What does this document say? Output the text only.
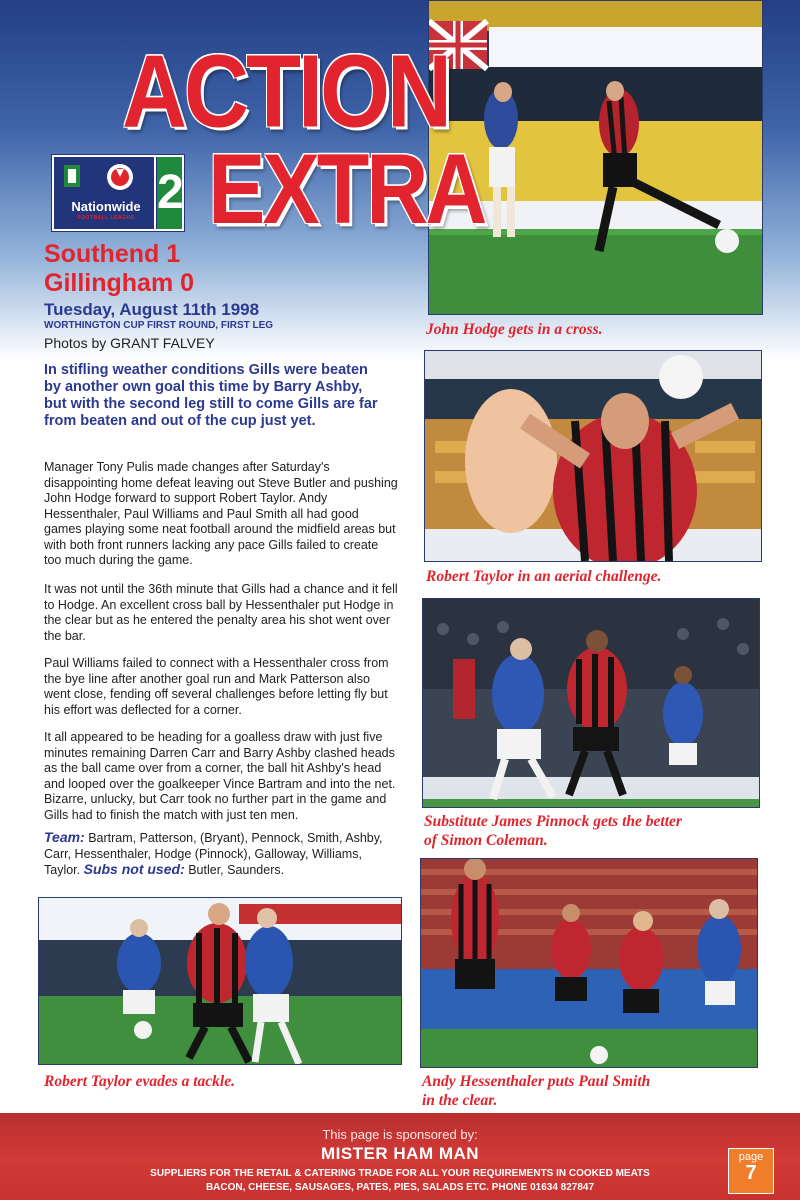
John Hodge gets in a cross.
Robert Taylor in an aerial challenge.
Substitute James Pinnock gets the better
of Simon Coleman.
Robert Taylor evades a tackle.	Andy Hessenthaler puts Paul Smith
in the clear.
ACTION
EXTRA
Nationwide
FOOTBALL LEAGUE 2
Southend 1
Gillingham 0
Tuesday, August 11th 1998
WORTHINGTON CUP FIRST ROUND, FIRST LEG
Photos by GRANT FALVEY
In stifling weather conditions Gills were beaten by another own goal this time by Barry Ashby, but with the second leg still to come Gills are far from beaten and out of the cup just yet.
Manager Tony Pulis made changes after Saturday's disappointing home defeat leaving out Steve Butler and pushing John Hodge forward to support Robert Taylor. Andy Hessenthaler, Paul Williams and Paul Smith all had good games playing some neat football around the midfield areas but with both front runners lacking any pace Gills failed to create too much during the game.
It was not until the 36th minute that Gills had a chance and it fell to Hodge. An excellent cross ball by Hessenthaler put Hodge in the clear but as he entered the penalty area his shot went over the bar.
Paul Williams failed to connect with a Hessenthaler cross from the bye line after another goal run and Mark Patterson also went close, fending off several challenges before letting fly but his effort was deflected for a corner.
It all appeared to be heading for a goalless draw with just five minutes remaining Darren Carr and Barry Ashby clashed heads as the ball came over from a corner, the ball hit Ashby's head and looped over the goalkeeper Vince Bartram and into the net. Bizarre, unlucky, but Carr took no further part in the game and Gills had to finish the match with just ten men.
Team: Bartram, Patterson, (Bryant), Pennock, Smith, Ashby, Carr, Hessenthaler, Hodge (Pinnock), Galloway, Williams, Taylor. Subs not used: Butler, Saunders.
This page is sponsored by:
MISTER HAM MAN
SUPPLIERS FOR THE RETAIL & CATERING TRADE FOR ALL YOUR REQUIREMENTS IN COOKED MEATS
BACON, CHEESE, SAUSAGES, PATES, PIES, SALADS ETC. PHONE 01634 827847
page
7
